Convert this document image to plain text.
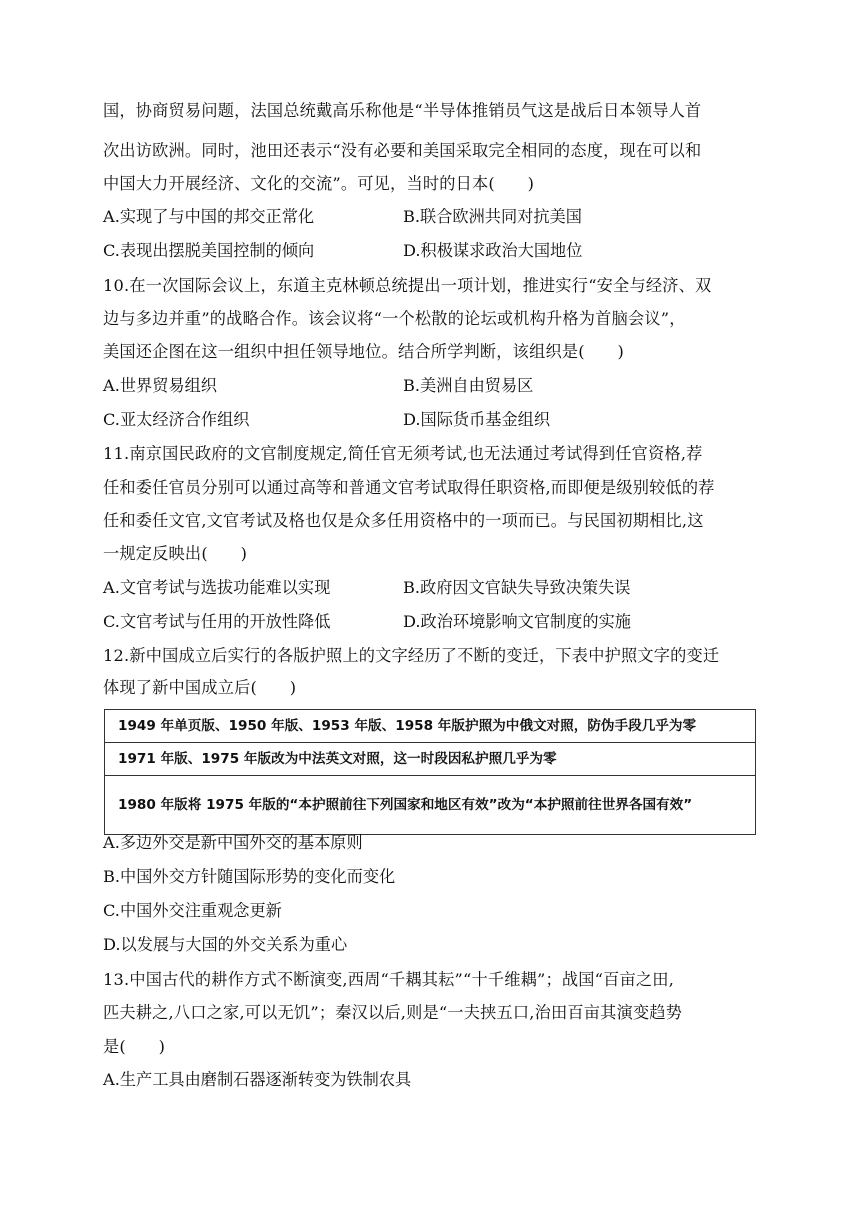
国，协商贸易问题，法国总统戴高乐称他是“半导体推销员气这是战后日本领导人首
次出访欧洲。同时，池田还表示“没有必要和美国采取完全相同的态度，现在可以和
中国大力开展经济、文化的交流”。可见，当时的日本(　　)
A.实现了与中国的邦交正常化	B.联合欧洲共同对抗美国
C.表现出摆脱美国控制的倾向	D.积极谋求政治大国地位
10.在一次国际会议上，东道主克林顿总统提出一项计划，推进实行“安全与经济、双
边与多边并重”的战略合作。该会议将“一个松散的论坛或机构升格为首脑会议”，
美国还企图在这一组织中担任领导地位。结合所学判断，该组织是(　　)
A.世界贸易组织	B.美洲自由贸易区
C.亚太经济合作组织	D.国际货币基金组织
11.南京国民政府的文官制度规定,简任官无须考试,也无法通过考试得到任官资格,荐
任和委任官员分别可以通过高等和普通文官考试取得任职资格,而即便是级别较低的荐
任和委任文官,文官考试及格也仅是众多任用资格中的一项而已。与民国初期相比,这
一规定反映出(　　)
A.文官考试与选拔功能难以实现	B.政府因文官缺失导致决策失误
C.文官考试与任用的开放性降低	D.政治环境影响文官制度的实施
12.新中国成立后实行的各版护照上的文字经历了不断的变迁，下表中护照文字的变迁
体现了新中国成立后(　　)
1949 年单页版、1950 年版、1953 年版、1958 年版护照为中俄文对照，防伪手段几乎为零
1971 年版、1975 年版改为中法英文对照，这一时段因私护照几乎为零
1980 年版将 1975 年版的“本护照前往下列国家和地区有效”改为“本护照前往世界各国有效”
A.多边外交是新中国外交的基本原则
B.中国外交方针随国际形势的变化而变化
C.中国外交注重观念更新
D.以发展与大国的外交关系为重心
13.中国古代的耕作方式不断演变,西周“千耦其耘”“十千维耦”；战国“百亩之田,
匹夫耕之,八口之家,可以无饥”；秦汉以后,则是“一夫挟五口,治田百亩其演变趋势
是(　　)
A.生产工具由磨制石器逐渐转变为铁制农具
